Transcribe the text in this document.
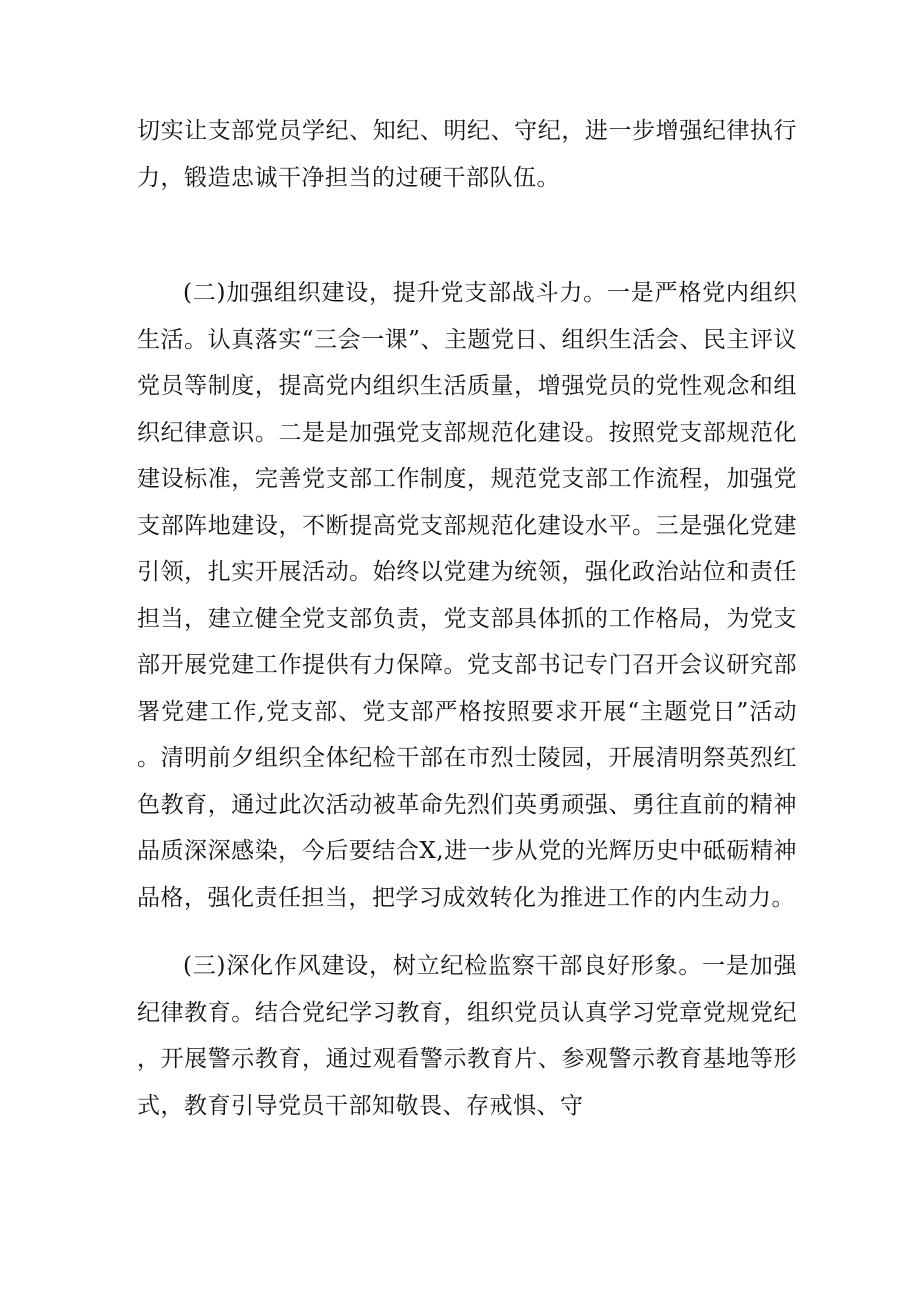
切实让支部党员学纪、知纪、明纪、守纪，进一步增强纪律执行力，锻造忠诚干净担当的过硬干部队伍。

(二)加强组织建设，提升党支部战斗力。一是严格党内组织生活。认真落实“三会一课”、主题党日、组织生活会、民主评议党员等制度，提高党内组织生活质量，增强党员的党性观念和组织纪律意识。二是是加强党支部规范化建设。按照党支部规范化建设标准，完善党支部工作制度，规范党支部工作流程，加强党支部阵地建设，不断提高党支部规范化建设水平。三是强化党建引领，扎实开展活动。始终以党建为统领，强化政治站位和责任担当，建立健全党支部负责，党支部具体抓的工作格局，为党支部开展党建工作提供有力保障。党支部书记专门召开会议研究部署党建工作,党支部、党支部严格按照要求开展“主题党日”活动。清明前夕组织全体纪检干部在市烈士陵园，开展清明祭英烈红色教育，通过此次活动被革命先烈们英勇顽强、勇往直前的精神品质深深感染，今后要结合X,进一步从党的光辉历史中砥砺精神品格，强化责任担当，把学习成效转化为推进工作的内生动力。

(三)深化作风建设，树立纪检监察干部良好形象。一是加强纪律教育。结合党纪学习教育，组织党员认真学习党章党规党纪，开展警示教育，通过观看警示教育片、参观警示教育基地等形式，教育引导党员干部知敬畏、存戒惧、守
